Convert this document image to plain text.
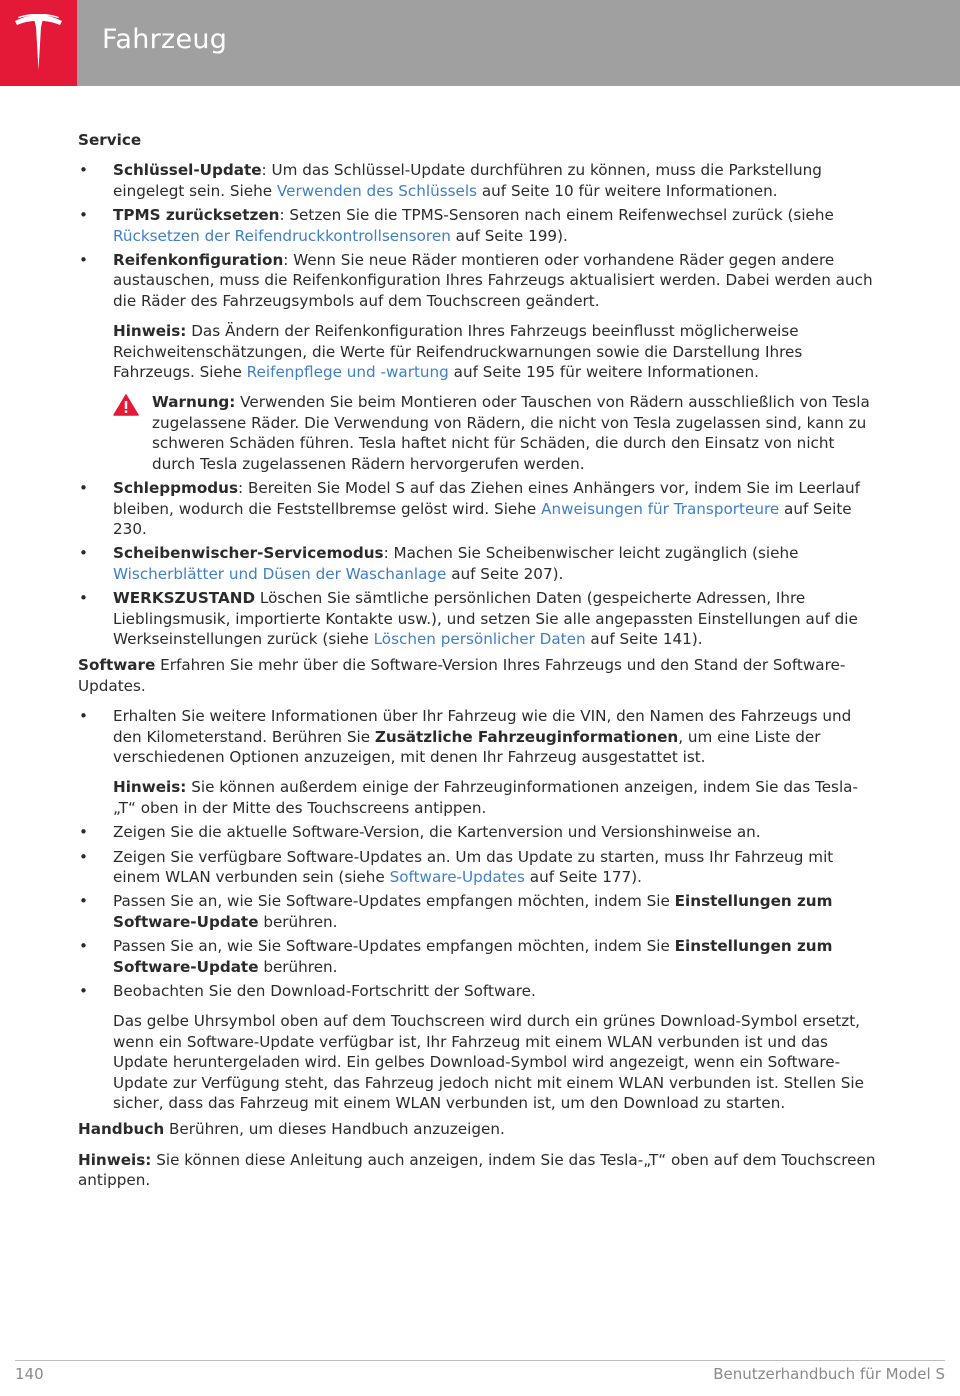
Fahrzeug

Service

• Schlüssel-Update: Um das Schlüssel-Update durchführen zu können, muss die Parkstellung eingelegt sein. Siehe Verwenden des Schlüssels auf Seite 10 für weitere Informationen.
• TPMS zurücksetzen: Setzen Sie die TPMS-Sensoren nach einem Reifenwechsel zurück (siehe Rücksetzen der Reifendruckkontrollsensoren auf Seite 199).
• Reifenkonfiguration: Wenn Sie neue Räder montieren oder vorhandene Räder gegen andere austauschen, muss die Reifenkonfiguration Ihres Fahrzeugs aktualisiert werden. Dabei werden auch die Räder des Fahrzeugsymbols auf dem Touchscreen geändert.

Hinweis: Das Ändern der Reifenkonfiguration Ihres Fahrzeugs beeinflusst möglicherweise Reichweitenschätzungen, die Werte für Reifendruckwarnungen sowie die Darstellung Ihres Fahrzeugs. Siehe Reifenpflege und -wartung auf Seite 195 für weitere Informationen.

Warnung: Verwenden Sie beim Montieren oder Tauschen von Rädern ausschließlich von Tesla zugelassene Räder. Die Verwendung von Rädern, die nicht von Tesla zugelassen sind, kann zu schweren Schäden führen. Tesla haftet nicht für Schäden, die durch den Einsatz von nicht durch Tesla zugelassenen Rädern hervorgerufen werden.
• Schleppmodus: Bereiten Sie Model S auf das Ziehen eines Anhängers vor, indem Sie im Leerlauf bleiben, wodurch die Feststellbremse gelöst wird. Siehe Anweisungen für Transporteure auf Seite 230.
• Scheibenwischer-Servicemodus: Machen Sie Scheibenwischer leicht zugänglich (siehe Wischerblätter und Düsen der Waschanlage auf Seite 207).
• WERKSZUSTAND Löschen Sie sämtliche persönlichen Daten (gespeicherte Adressen, Ihre Lieblingsmusik, importierte Kontakte usw.), und setzen Sie alle angepassten Einstellungen auf die Werkseinstellungen zurück (siehe Löschen persönlicher Daten auf Seite 141).

Software Erfahren Sie mehr über die Software-Version Ihres Fahrzeugs und den Stand der Software-Updates.

• Erhalten Sie weitere Informationen über Ihr Fahrzeug wie die VIN, den Namen des Fahrzeugs und den Kilometerstand. Berühren Sie Zusätzliche Fahrzeuginformationen, um eine Liste der verschiedenen Optionen anzuzeigen, mit denen Ihr Fahrzeug ausgestattet ist.

Hinweis: Sie können außerdem einige der Fahrzeuginformationen anzeigen, indem Sie das Tesla-„T“ oben in der Mitte des Touchscreens antippen.

• Zeigen Sie die aktuelle Software-Version, die Kartenversion und Versionshinweise an.
• Zeigen Sie verfügbare Software-Updates an. Um das Update zu starten, muss Ihr Fahrzeug mit einem WLAN verbunden sein (siehe Software-Updates auf Seite 177).
• Passen Sie an, wie Sie Software-Updates empfangen möchten, indem Sie Einstellungen zum Software-Update berühren.
• Passen Sie an, wie Sie Software-Updates empfangen möchten, indem Sie Einstellungen zum Software-Update berühren.
• Beobachten Sie den Download-Fortschritt der Software.

Das gelbe Uhrsymbol oben auf dem Touchscreen wird durch ein grünes Download-Symbol ersetzt, wenn ein Software-Update verfügbar ist, Ihr Fahrzeug mit einem WLAN verbunden ist und das Update heruntergeladen wird. Ein gelbes Download-Symbol wird angezeigt, wenn ein Software-Update zur Verfügung steht, das Fahrzeug jedoch nicht mit einem WLAN verbunden ist. Stellen Sie sicher, dass das Fahrzeug mit einem WLAN verbunden ist, um den Download zu starten.

Handbuch Berühren, um dieses Handbuch anzuzeigen.

Hinweis: Sie können diese Anleitung auch anzeigen, indem Sie das Tesla-„T“ oben auf dem Touchscreen antippen.

140	Benutzerhandbuch für Model S
